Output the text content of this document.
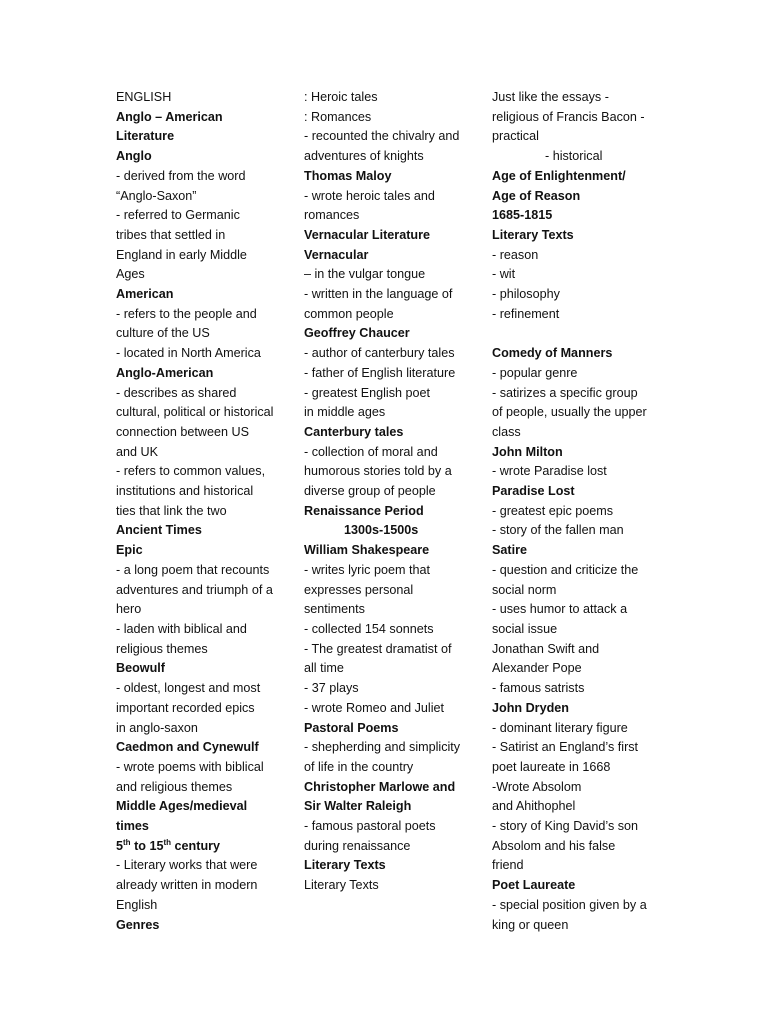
ENGLISH
Anglo – American
Literature
Anglo
- derived from the word
“Anglo-Saxon”
- referred to Germanic
tribes that settled in
England in early Middle
Ages
American
- refers to the people and
culture of the US
- located in North America
Anglo-American
- describes as shared
cultural, political or historical
connection between US
and UK
- refers to common values,
institutions and historical
ties that link the two
Ancient Times
Epic
- a long poem that recounts
adventures and triumph of a
hero
- laden with biblical and
religious themes
Beowulf
- oldest, longest and most
important recorded epics
in anglo-saxon
Caedmon and Cynewulf
- wrote poems with biblical
and religious themes
Middle Ages/medieval
times
5th to 15th century
- Literary works that were
already written in modern
English
Genres
: Heroic tales
: Romances
- recounted the chivalry and
adventures of knights
Thomas Maloy
- wrote heroic tales and
romances
Vernacular Literature
Vernacular
– in the vulgar tongue
- written in the language of
common people
Geoffrey Chaucer
- author of canterbury tales
- father of English literature
- greatest English poet
in middle ages
Canterbury tales
- collection of moral and
humorous stories told by a
diverse group of people
Renaissance Period
1300s-1500s
William Shakespeare
- writes lyric poem that
expresses personal
sentiments
- collected 154 sonnets
- The greatest dramatist of
all time
- 37 plays
- wrote Romeo and Juliet
Pastoral Poems
- shepherding and simplicity
of life in the country
Christopher Marlowe and
Sir Walter Raleigh
- famous pastoral poets
during renaissance
Literary Texts
Literary Texts
Just like the essays -
religious of Francis Bacon -
practical
- historical
Age of Enlightenment/
Age of Reason
1685-1815
Literary Texts
- reason
- wit
- philosophy
- refinement

Comedy of Manners
- popular genre
- satirizes a specific group
of people, usually the upper
class
John Milton
- wrote Paradise lost
Paradise Lost
- greatest epic poems
- story of the fallen man
Satire
- question and criticize the
social norm
- uses humor to attack a
social issue
Jonathan Swift and
Alexander Pope
- famous satrists
John Dryden
- dominant literary figure
- Satirist an England’s first
poet laureate in 1668
-Wrote Absolom
and Ahithophel
- story of King David’s son
Absolom and his false
friend
Poet Laureate
- special position given by a
king or queen
